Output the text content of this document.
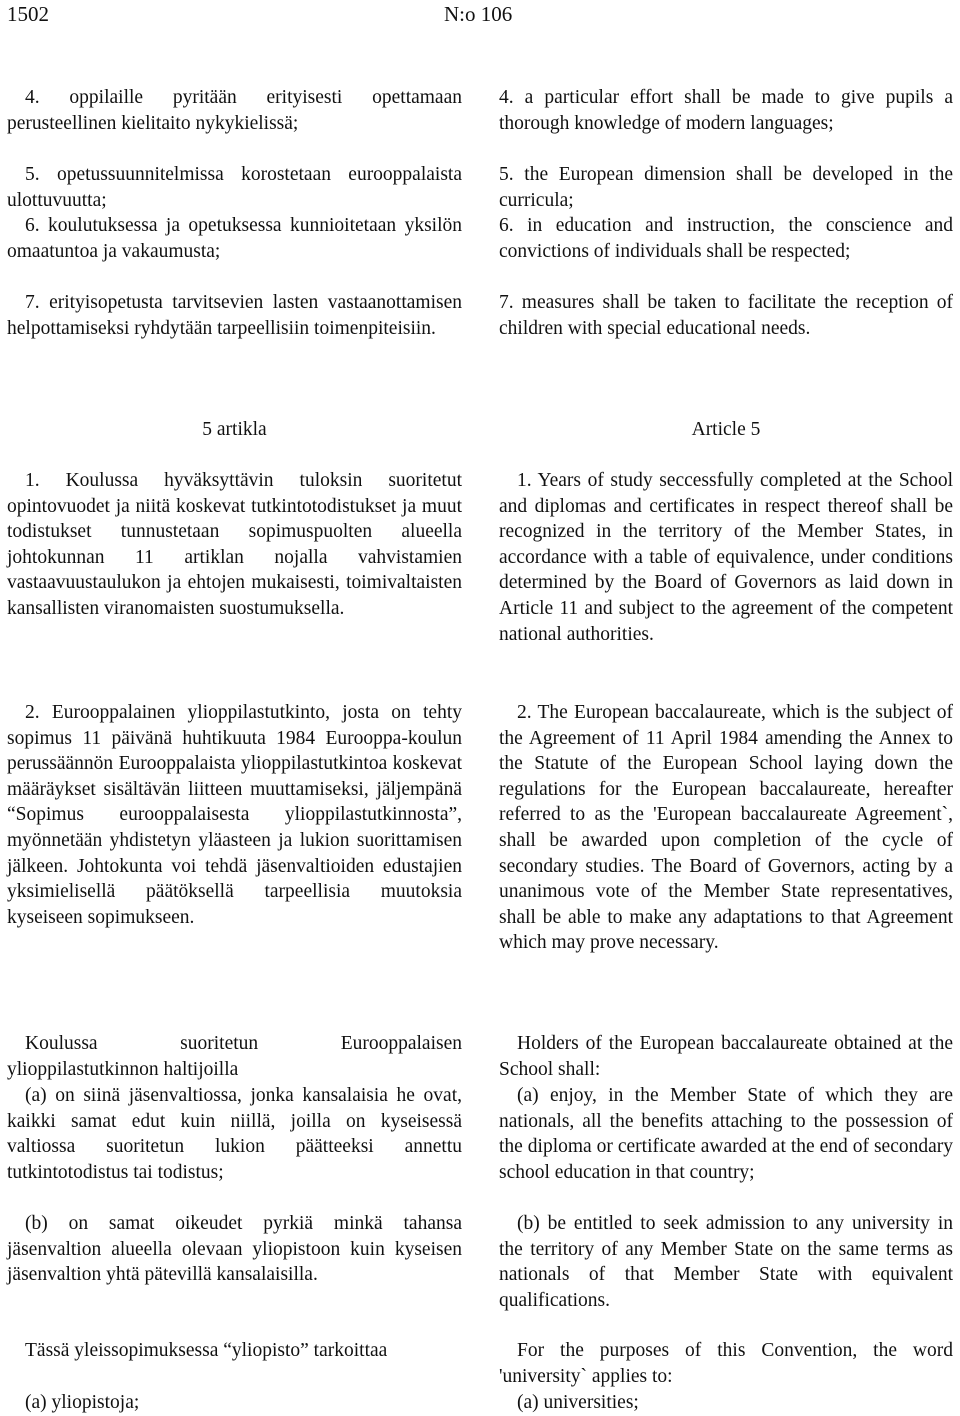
1502	N:o 106
4. oppilaille pyritään erityisesti opettamaan perusteellinen kielitaito nykykielissä;
5. opetussuunnitelmissa korostetaan eurooppalaista ulottuvuutta;
6. koulutuksessa ja opetuksessa kunnioitetaan yksilön omaatuntoa ja vakaumusta;
7. erityisopetusta tarvitsevien lasten vastaanottamisen helpottamiseksi ryhdytään tarpeellisiin toimenpiteisiin.
5 artikla
1. Koulussa hyväksyttävin tuloksin suoritetut opintovuodet ja niitä koskevat tutkintotodistukset ja muut todistukset tunnustetaan sopimuspuolten alueella johtokunnan 11 artiklan nojalla vahvistamien vastaavuustaulukon ja ehtojen mukaisesti, toimivaltaisten kansallisten viranomaisten suostumuksella.
2. Eurooppalainen ylioppilastutkinto, josta on tehty sopimus 11 päivänä huhtikuuta 1984 Eurooppa-koulun perussäännön Eurooppalaista ylioppilastutkintoa koskevat määräykset sisältävän liitteen muuttamiseksi, jäljempänä “Sopimus eurooppalaisesta ylioppilastutkinnosta”, myönnetään yhdistetyn yläasteen ja lukion suorittamisen jälkeen. Johtokunta voi tehdä jäsenvaltioiden edustajien yksimielisellä päätöksellä tarpeellisia muutoksia kyseiseen sopimukseen.
Koulussa suoritetun Eurooppalaisen ylioppilastutkinnon haltijoilla
(a) on siinä jäsenvaltiossa, jonka kansalaisia he ovat, kaikki samat edut kuin niillä, joilla on kyseisessä valtiossa suoritetun lukion päätteeksi annettu tutkintotodistus tai todistus;
(b) on samat oikeudet pyrkiä minkä tahansa jäsenvaltion alueella olevaan yliopistoon kuin kyseisen jäsenvaltion yhtä pätevillä kansalaisilla.
Tässä yleissopimuksessa “yliopisto” tarkoittaa
(a) yliopistoja;
4. a particular effort shall be made to give pupils a thorough knowledge of modern languages;
5. the European dimension shall be developed in the curricula;
6. in education and instruction, the conscience and convictions of individuals shall be respected;
7. measures shall be taken to facilitate the reception of children with special educational needs.
Article 5
1. Years of study seccessfully completed at the School and diplomas and certificates in respect thereof shall be recognized in the territory of the Member States, in accordance with a table of equivalence, under conditions determined by the Board of Governors as laid down in Article 11 and subject to the agreement of the competent national authorities.
2. The European baccalaureate, which is the subject of the Agreement of 11 April 1984 amending the Annex to the Statute of the European School laying down the regulations for the European baccalaureate, hereafter referred to as the 'European baccalaureate Agreement`, shall be awarded upon completion of the cycle of secondary studies. The Board of Governors, acting by a unanimous vote of the Member State representatives, shall be able to make any adaptations to that Agreement which may prove necessary.
Holders of the European baccalaureate obtained at the School shall:
(a) enjoy, in the Member State of which they are nationals, all the benefits attaching to the possession of the diploma or certificate awarded at the end of secondary school education in that country;
(b) be entitled to seek admission to any university in the territory of any Member State on the same terms as nationals of that Member State with equivalent qualifications.
For the purposes of this Convention, the word 'university` applies to:
(a) universities;
